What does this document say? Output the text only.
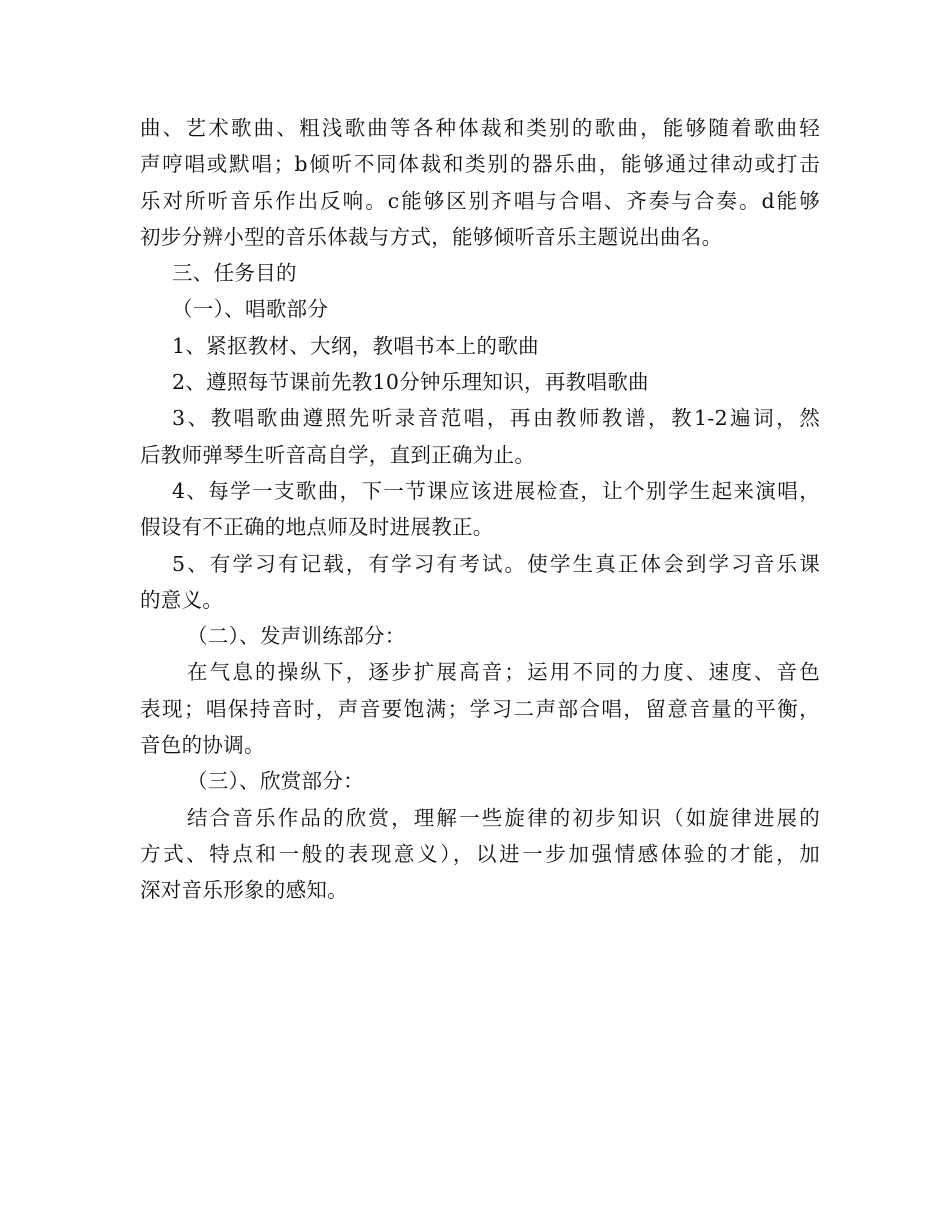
曲、艺术歌曲、粗浅歌曲等各种体裁和类别的歌曲，能够随着歌曲轻
声哼唱或默唱；b倾听不同体裁和类别的器乐曲，能够通过律动或打击
乐对所听音乐作出反响。c能够区别齐唱与合唱、齐奏与合奏。d能够
初步分辨小型的音乐体裁与方式，能够倾听音乐主题说出曲名。
三、任务目的
（一）、唱歌部分
1、紧抠教材、大纲，教唱书本上的歌曲
2、遵照每节课前先教10分钟乐理知识，再教唱歌曲
3、教唱歌曲遵照先听录音范唱，再由教师教谱，教1-2遍词，然
后教师弹琴生听音高自学，直到正确为止。
4、每学一支歌曲，下一节课应该进展检查，让个别学生起来演唱，
假设有不正确的地点师及时进展教正。
5、有学习有记载，有学习有考试。使学生真正体会到学习音乐课
的意义。
（二）、发声训练部分：
在气息的操纵下，逐步扩展高音；运用不同的力度、速度、音色
表现；唱保持音时，声音要饱满；学习二声部合唱，留意音量的平衡，
音色的协调。
（三）、欣赏部分：
结合音乐作品的欣赏，理解一些旋律的初步知识（如旋律进展的
方式、特点和一般的表现意义），以进一步加强情感体验的才能，加
深对音乐形象的感知。
